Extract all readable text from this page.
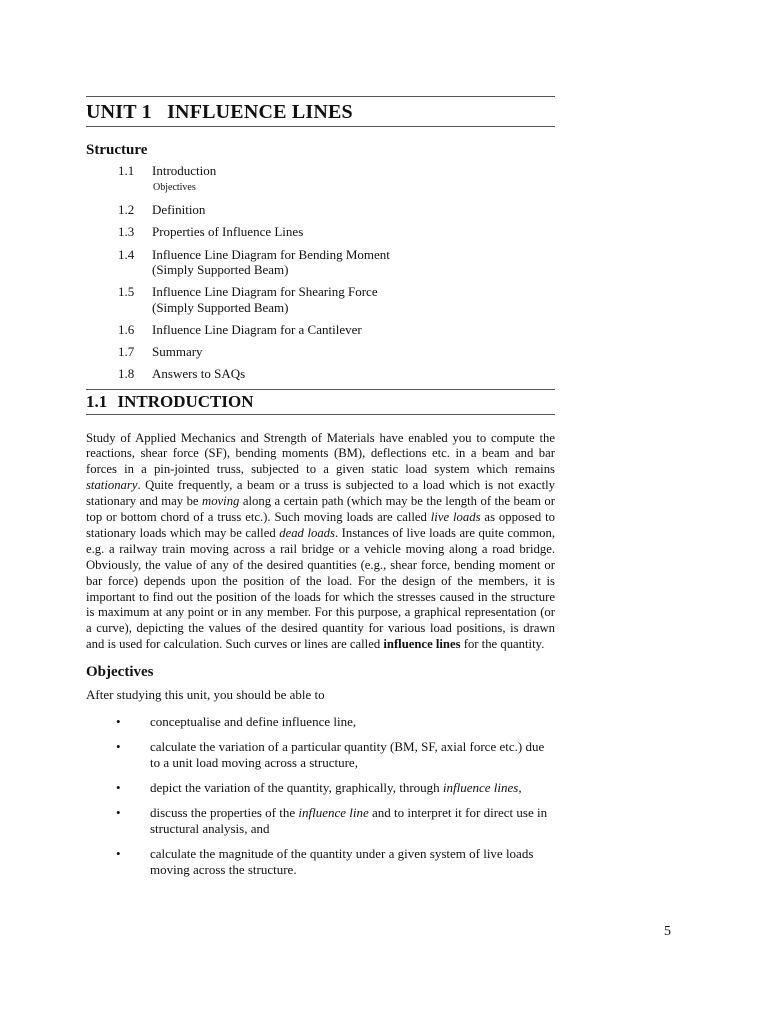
UNIT 1 INFLUENCE LINES
Structure
1.1	Introduction
Objectives
1.2	Definition
1.3	Properties of Influence Lines
1.4	Influence Line Diagram for Bending Moment
(Simply Supported Beam)
1.5	Influence Line Diagram for Shearing Force
(Simply Supported Beam)
1.6	Influence Line Diagram for a Cantilever
1.7	Summary
1.8	Answers to SAQs
1.1 INTRODUCTION
Study of Applied Mechanics and Strength of Materials have enabled you to compute the reactions, shear force (SF), bending moments (BM), deflections etc. in a beam and bar forces in a pin-jointed truss, subjected to a given static load system which remains stationary. Quite frequently, a beam or a truss is subjected to a load which is not exactly stationary and may be moving along a certain path (which may be the length of the beam or top or bottom chord of a truss etc.). Such moving loads are called live loads as opposed to stationary loads which may be called dead loads. Instances of live loads are quite common, e.g. a railway train moving across a rail bridge or a vehicle moving along a road bridge. Obviously, the value of any of the desired quantities (e.g., shear force, bending moment or bar force) depends upon the position of the load. For the design of the members, it is important to find out the position of the loads for which the stresses caused in the structure is maximum at any point or in any member. For this purpose, a graphical representation (or a curve), depicting the values of the desired quantity for various load positions, is drawn and is used for calculation. Such curves or lines are called influence lines for the quantity.
Objectives
After studying this unit, you should be able to
•	conceptualise and define influence line,
•	calculate the variation of a particular quantity (BM, SF, axial force etc.) due to a unit load moving across a structure,
•	depict the variation of the quantity, graphically, through influence lines,
•	discuss the properties of the influence line and to interpret it for direct use in structural analysis, and
•	calculate the magnitude of the quantity under a given system of live loads moving across the structure.
5
